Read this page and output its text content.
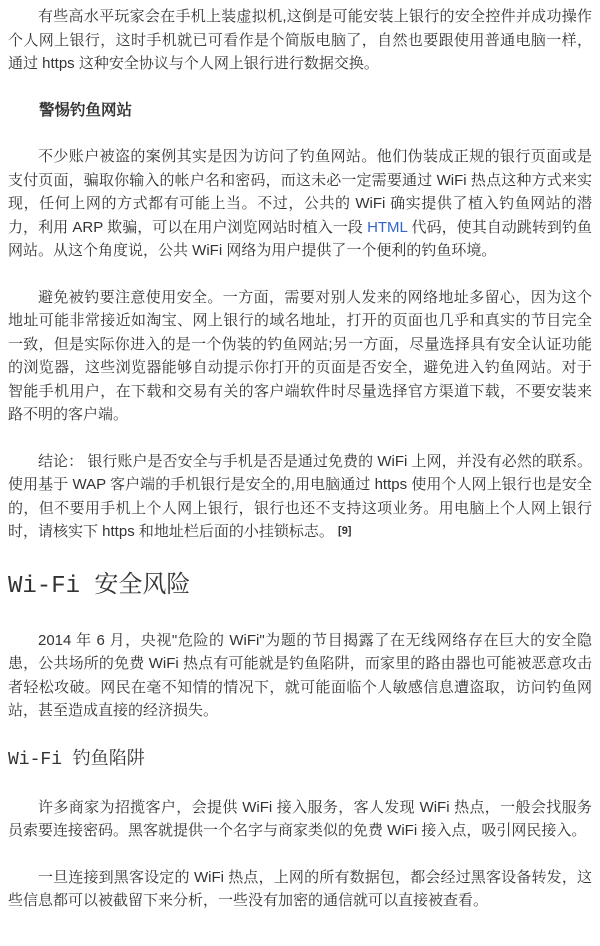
有些高水平玩家会在手机上装虚拟机,这倒是可能安装上银行的安全控件并成功操作个人网上银行，这时手机就已可看作是个简版电脑了，自然也要跟使用普通电脑一样，通过 https 这种安全协议与个人网上银行进行数据交换。

警惕钓鱼网站

不少账户被盗的案例其实是因为访问了钓鱼网站。他们伪装成正规的银行页面或是支付页面，骗取你输入的帐户名和密码，而这未必一定需要通过 WiFi 热点这种方式来实现，任何上网的方式都有可能上当。不过，公共的 WiFi 确实提供了植入钓鱼网站的潜力，利用 ARP 欺骗，可以在用户浏览网站时植入一段 HTML 代码，使其自动跳转到钓鱼网站。从这个角度说，公共 WiFi 网络为用户提供了一个便利的钓鱼环境。

避免被钓要注意使用安全。一方面，需要对别人发来的网络地址多留心，因为这个地址可能非常接近如淘宝、网上银行的域名地址，打开的页面也几乎和真实的节目完全一致，但是实际你进入的是一个伪装的钓鱼网站;另一方面，尽量选择具有安全认证功能的浏览器，这些浏览器能够自动提示你打开的页面是否安全，避免进入钓鱼网站。对于智能手机用户，在下载和交易有关的客户端软件时尽量选择官方渠道下载，不要安装来路不明的客户端。

结论： 银行账户是否安全与手机是否是通过免费的 WiFi 上网，并没有必然的联系。使用基于 WAP 客户端的手机银行是安全的,用电脑通过 https 使用个人网上银行也是安全的，但不要用手机上个人网上银行，银行也还不支持这项业务。用电脑上个人网上银行时，请核实下 https 和地址栏后面的小挂锁标志。 [9]

Wi-Fi 安全风险

2014 年 6 月，央视"危险的 WiFi"为题的节目揭露了在无线网络存在巨大的安全隐患，公共场所的免费 WiFi 热点有可能就是钓鱼陷阱，而家里的路由器也可能被恶意攻击者轻松攻破。网民在毫不知情的情况下，就可能面临个人敏感信息遭盗取，访问钓鱼网站，甚至造成直接的经济损失。

Wi-Fi 钓鱼陷阱

许多商家为招揽客户，会提供 WiFi 接入服务，客人发现 WiFi 热点，一般会找服务员索要连接密码。黑客就提供一个名字与商家类似的免费 WiFi 接入点，吸引网民接入。

一旦连接到黑客设定的 WiFi 热点，上网的所有数据包，都会经过黑客设备转发，这些信息都可以被截留下来分析，一些没有加密的通信就可以直接被查看。
